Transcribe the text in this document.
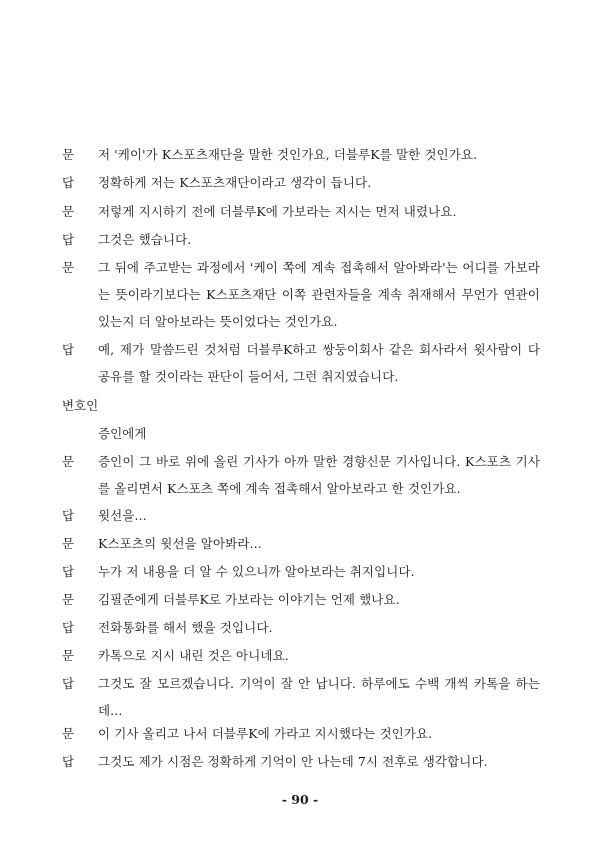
문 저 '케이'가 K스포츠재단을 말한 것인가요, 더블루K를 말한 것인가요.
답 정확하게 저는 K스포츠재단이라고 생각이 듭니다.
문 저렇게 지시하기 전에 더블루K에 가보라는 지시는 먼저 내렸나요.
답 그것은 했습니다.
문 그 뒤에 주고받는 과정에서 '케이 쪽에 계속 접촉해서 알아봐라'는 어디를 가보라는 뜻이라기보다는 K스포츠재단 이쪽 관련자들을 계속 취재해서 무언가 연관이 있는지 더 알아보라는 뜻이었다는 것인가요.
답 예, 제가 말씀드린 것처럼 더블루K하고 쌍둥이회사 같은 회사라서 윗사람이 다 공유를 할 것이라는 판단이 들어서, 그런 취지였습니다.
변호인
증인에게
문 증인이 그 바로 위에 올린 기사가 아까 말한 경향신문 기사입니다. K스포츠 기사를 올리면서 K스포츠 쪽에 계속 접촉해서 알아보라고 한 것인가요.
답 윗선을...
문 K스포츠의 윗선을 알아봐라...
답 누가 저 내용을 더 알 수 있으니까 알아보라는 취지입니다.
문 김필준에게 더블루K로 가보라는 이야기는 언제 했나요.
답 전화통화를 해서 했을 것입니다.
문 카톡으로 지시 내린 것은 아니네요.
답 그것도 잘 모르겠습니다. 기억이 잘 안 납니다. 하루에도 수백 개씩 카톡을 하는데...
문 이 기사 올리고 나서 더블루K에 가라고 지시했다는 것인가요.
답 그것도 제가 시점은 정확하게 기억이 안 나는데 7시 전후로 생각합니다.
- 90 -
